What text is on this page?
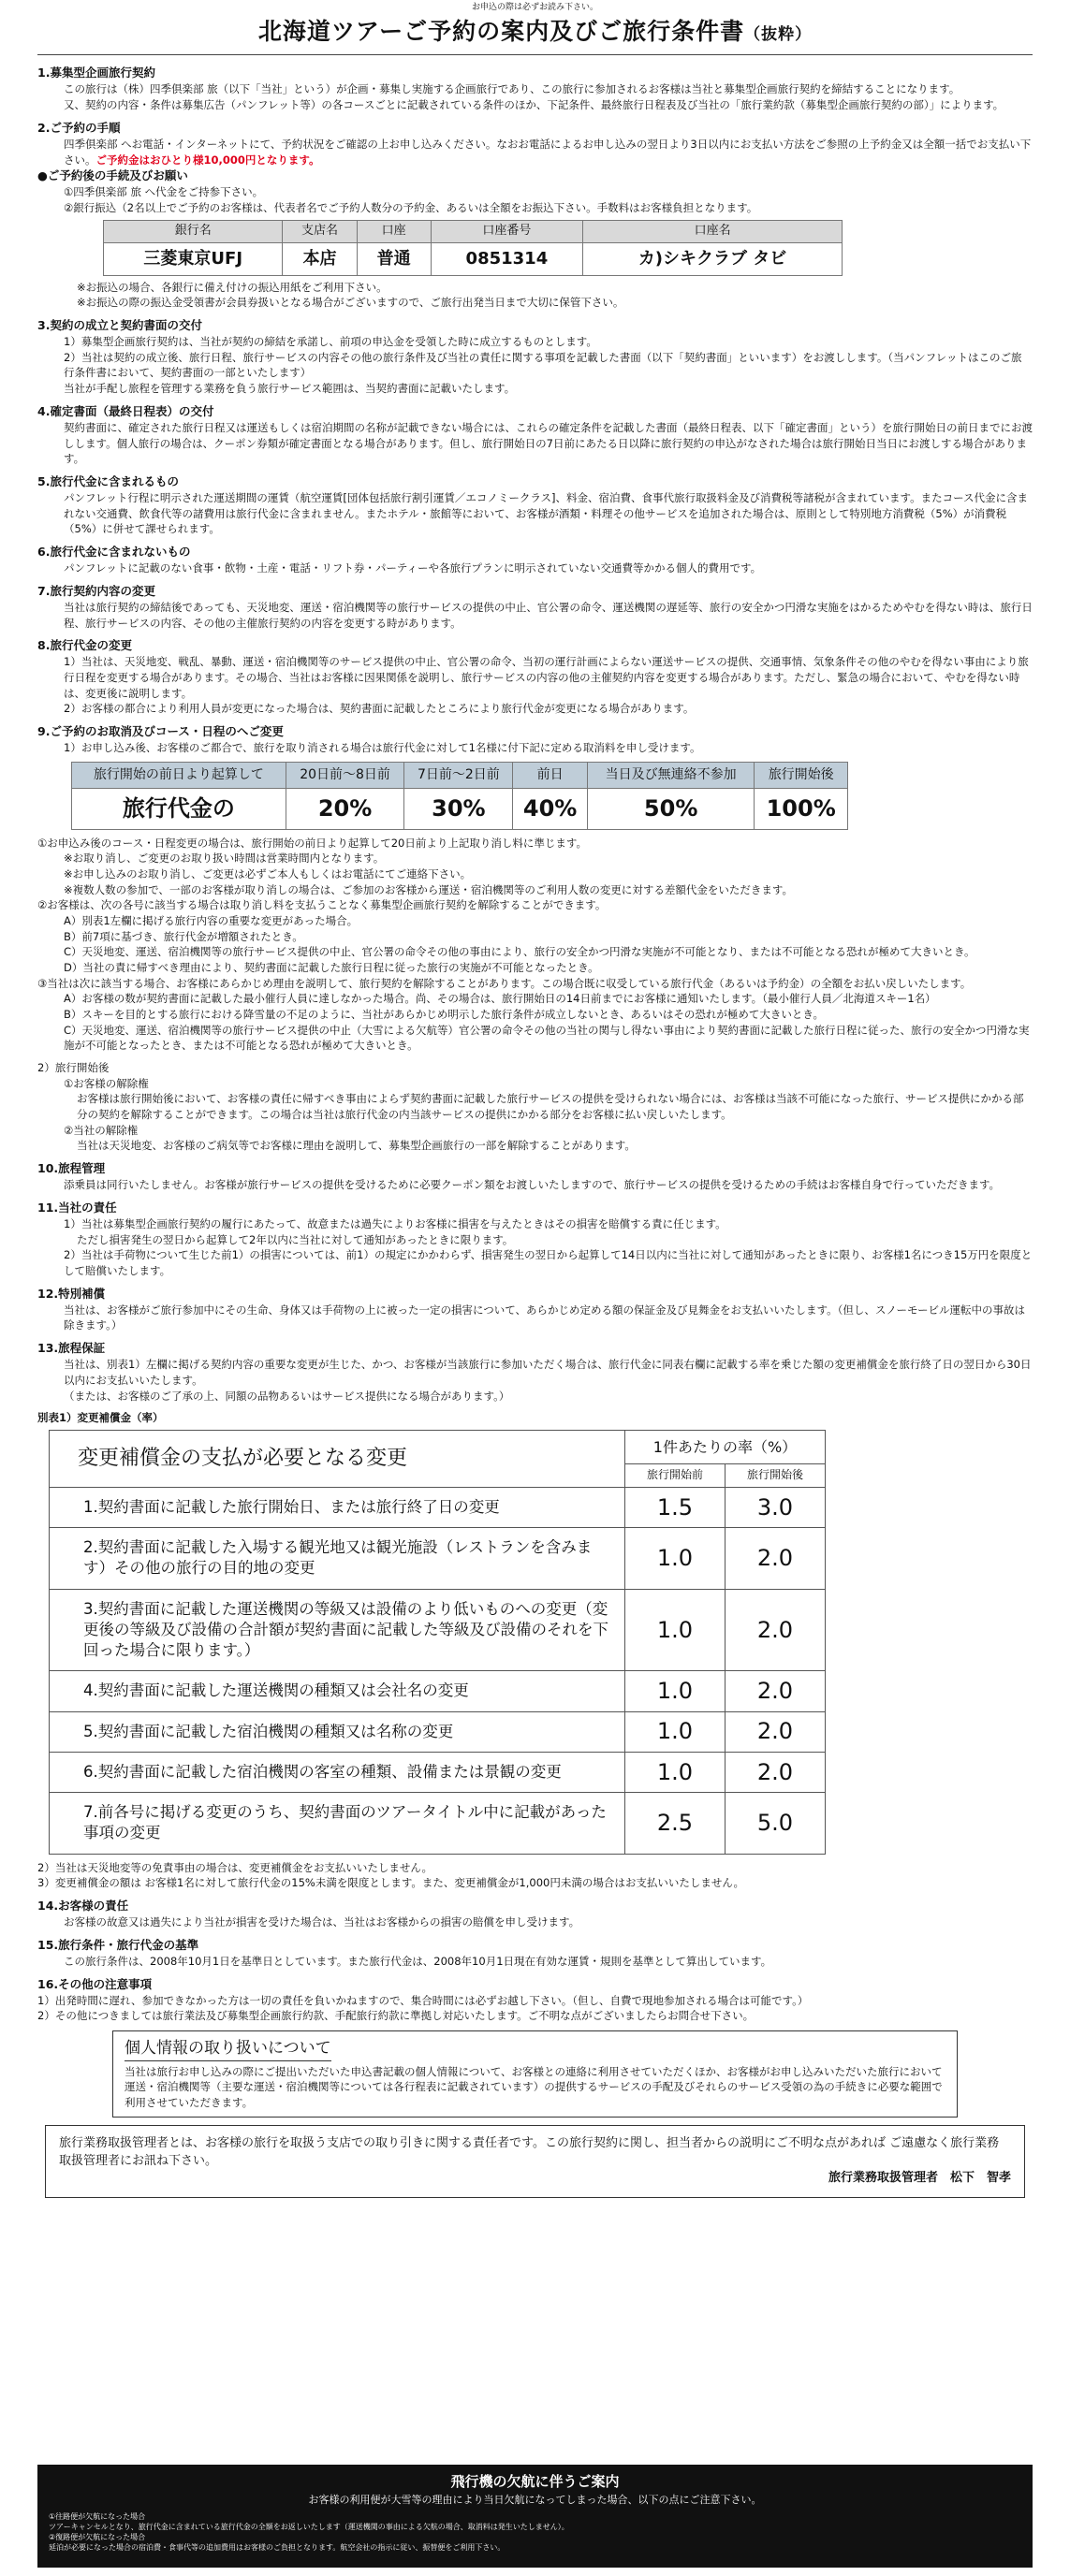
お申込の際は必ずお読み下さい。
北海道ツアーご予約の案内及びご旅行条件書（抜粋）
1.募集型企画旅行契約

この旅行は（株）四季倶楽部 旅（以下「当社」という）が企画・募集し実施する企画旅行であり、この旅行に参加されるお客様は当社と募集型企画旅行契約を締結することになります。

又、契約の内容・条件は募集広告（パンフレット等）の各コースごとに記載されている条件のほか、下記条件、最終旅行日程表及び当社の「旅行業約款（募集型企画旅行契約の部）」によります。

2.ご予約の手順

四季倶楽部 へお電話・インターネットにて、予約状況をご確認の上お申し込みください。なおお電話によるお申し込みの翌日より3日以内にお支払い方法をご参照の上予約金又は全額一括でお支払い下さい。ご予約金はおひとり様10,000円となります。

●ご予約後の手続及びお願い

①四季倶楽部 旅 へ代金をご持参下さい。

②銀行振込（2名以上でご予約のお客様は、代表者名でご予約人数分の予約金、あるいは全額をお振込下さい。手数料はお客様負担となります。

銀行名	支店名	口座	口座番号	口座名
三菱東京UFJ	本店	普通	0851314	カ)シキクラブ タビ

※お振込の場合、各銀行に備え付けの振込用紙をご利用下さい。

※お振込の際の振込金受領書が会員券扱いとなる場合がございますので、ご旅行出発当日まで大切に保管下さい。

3.契約の成立と契約書面の交付

1）募集型企画旅行契約は、当社が契約の締結を承諾し、前項の申込金を受領した時に成立するものとします。

2）当社は契約の成立後、旅行日程、旅行サービスの内容その他の旅行条件及び当社の責任に関する事項を記載した書面（以下「契約書面」といいます）をお渡しします。（当パンフレットはこのご旅行条件書において、契約書面の一部といたします）

当社が手配し旅程を管理する業務を負う旅行サービス範囲は、当契約書面に記載いたします。

4.確定書面（最終日程表）の交付

契約書面に、確定された旅行日程又は運送もしくは宿泊期間の名称が記載できない場合には、これらの確定条件を記載した書面（最終日程表、以下「確定書面」という）を旅行開始日の前日までにお渡しします。個人旅行の場合は、クーポン券類が確定書面となる場合があります。但し、旅行開始日の7日前にあたる日以降に旅行契約の申込がなされた場合は旅行開始日当日にお渡しする場合があります。

5.旅行代金に含まれるもの

パンフレット行程に明示された運送期間の運賃（航空運賃[団体包括旅行割引運賃／エコノミークラス]、料金、宿泊費、食事代旅行取扱料金及び消費税等諸税が含まれています。またコース代金に含まれない交通費、飲食代等の諸費用は旅行代金に含まれません。またホテル・旅館等において、お客様が酒類・料理その他サービスを追加された場合は、原則として特別地方消費税（5%）が消費税（5%）に併せて課せられます。

6.旅行代金に含まれないもの

パンフレットに記載のない食事・飲物・土産・電話・リフト券・パーティーや各旅行プランに明示されていない交通費等かかる個人的費用です。

7.旅行契約内容の変更

当社は旅行契約の締結後であっても、天災地変、運送・宿泊機関等の旅行サービスの提供の中止、官公署の命令、運送機関の遅延等、旅行の安全かつ円滑な実施をはかるためやむを得ない時は、旅行日程、旅行サービスの内容、その他の主催旅行契約の内容を変更する時があります。

8.旅行代金の変更

1）当社は、天災地変、戦乱、暴動、運送・宿泊機関等のサービス提供の中止、官公署の命令、当初の運行計画によらない運送サービスの提供、交通事情、気象条件その他のやむを得ない事由により旅行日程を変更する場合があります。その場合、当社はお客様に因果関係を説明し、旅行サービスの内容の他の主催契約内容を変更する場合があります。ただし、緊急の場合において、やむを得ない時は、変更後に説明します。

2）お客様の都合により利用人員が変更になった場合は、契約書面に記載したところにより旅行代金が変更になる場合があります。

9.ご予約のお取消及びコース・日程のへご変更

1）お申し込み後、お客様のご都合で、旅行を取り消される場合は旅行代金に対して1名様に付下記に定める取消料を申し受けます。

旅行開始の前日より起算して	20日前〜8日前	7日前〜2日前	前日	当日及び無連絡不参加	旅行開始後
旅行代金の	20%	30%	40%	50%	100%

①お申込み後のコース・日程変更の場合は、旅行開始の前日より起算して20日前より上記取り消し料に準じます。

※お取り消し、ご変更のお取り扱い時間は営業時間内となります。

※お申し込みのお取り消し、ご変更は必ずご本人もしくはお電話にてご連絡下さい。

※複数人数の参加で、一部のお客様が取り消しの場合は、ご参加のお客様から運送・宿泊機関等のご利用人数の変更に対する差額代金をいただきます。

②お客様は、次の各号に該当する場合は取り消し料を支払うことなく募集型企画旅行契約を解除することができます。

A）別表1左欄に掲げる旅行内容の重要な変更があった場合。

B）前7項に基づき、旅行代金が増額されたとき。

C）天災地変、運送、宿泊機関等の旅行サービス提供の中止、官公署の命令その他の事由により、旅行の安全かつ円滑な実施が不可能となり、または不可能となる恐れが極めて大きいとき。

D）当社の責に帰すべき理由により、契約書面に記載した旅行日程に従った旅行の実施が不可能となったとき。

③当社は次に該当する場合、お客様にあらかじめ理由を説明して、旅行契約を解除することがあります。この場合既に収受している旅行代金（あるいは予約金）の全額をお払い戻しいたします。

A）お客様の数が契約書面に記載した最小催行人員に達しなかった場合。尚、その場合は、旅行開始日の14日前までにお客様に通知いたします。（最小催行人員／北海道スキー1名）

B）スキーを目的とする旅行における降雪量の不足のように、当社があらかじめ明示した旅行条件が成立しないとき、あるいはその恐れが極めて大きいとき。

C）天災地変、運送、宿泊機関等の旅行サービス提供の中止（大雪による欠航等）官公署の命令その他の当社の関与し得ない事由により契約書面に記載した旅行日程に従った、旅行の安全かつ円滑な実施が不可能となったとき、または不可能となる恐れが極めて大きいとき。

2）旅行開始後

①お客様の解除権

お客様は旅行開始後において、お客様の責任に帰すべき事由によらず契約書面に記載した旅行サービスの提供を受けられない場合には、お客様は当該不可能になった旅行、サービス提供にかかる部分の契約を解除することができます。この場合は当社は旅行代金の内当該サービスの提供にかかる部分をお客様に払い戻しいたします。

②当社の解除権

当社は天災地変、お客様のご病気等でお客様に理由を説明して、募集型企画旅行の一部を解除することがあります。

10.旅程管理

添乗員は同行いたしません。お客様が旅行サービスの提供を受けるために必要クーポン類をお渡しいたしますので、旅行サービスの提供を受けるための手続はお客様自身で行っていただきます。

11.当社の責任

1）当社は募集型企画旅行契約の履行にあたって、故意または過失によりお客様に損害を与えたときはその損害を賠償する責に任じます。

ただし損害発生の翌日から起算して2年以内に当社に対して通知があったときに限ります。

2）当社は手荷物について生じた前1）の損害については、前1）の規定にかかわらず、損害発生の翌日から起算して14日以内に当社に対して通知があったときに限り、お客様1名につき15万円を限度として賠償いたします。

12.特別補償

当社は、お客様がご旅行参加中にその生命、身体又は手荷物の上に被った一定の損害について、あらかじめ定める額の保証金及び見舞金をお支払いいたします。（但し、スノーモービル運転中の事故は除きます。）

13.旅程保証

当社は、別表1）左欄に掲げる契約内容の重要な変更が生じた、かつ、お客様が当該旅行に参加いただく場合は、旅行代金に同表右欄に記載する率を乗じた額の変更補償金を旅行終了日の翌日から30日以内にお支払いいたします。

（または、お客様のご了承の上、同額の品物あるいはサービス提供になる場合があります。）

別表1）変更補償金（率）
変更補償金の支払が必要となる変更	1件あたりの率（%）	
	旅行開始前	旅行開始後
1.契約書面に記載した旅行開始日、または旅行終了日の変更	1.5	3.0
2.契約書面に記載した入場する観光地又は観光施設（レストランを含みます）その他の旅行の目的地の変更	1.0	2.0
3.契約書面に記載した運送機関の等級又は設備のより低いものへの変更（変更後の等級及び設備の合計額が契約書面に記載した等級及び設備のそれを下回った場合に限ります。）	1.0	2.0
4.契約書面に記載した運送機関の種類又は会社名の変更	1.0	2.0
5.契約書面に記載した宿泊機関の種類又は名称の変更	1.0	2.0
6.契約書面に記載した宿泊機関の客室の種類、設備または景観の変更	1.0	2.0
7.前各号に掲げる変更のうち、契約書面のツアータイトル中に記載があった事項の変更	2.5	5.0

2）当社は天災地変等の免責事由の場合は、変更補償金をお支払いいたしません。

3）変更補償金の額は お客様1名に対して旅行代金の15%未満を限度とします。また、変更補償金が1,000円未満の場合はお支払いいたしません。

14.お客様の責任

お客様の故意又は過失により当社が損害を受けた場合は、当社はお客様からの損害の賠償を申し受けます。

15.旅行条件・旅行代金の基準

この旅行条件は、2008年10月1日を基準日としています。また旅行代金は、2008年10月1日現在有効な運賃・規則を基準として算出しています。

16.その他の注意事項

1）出発時間に遅れ、参加できなかった方は一切の責任を負いかねますので、集合時間には必ずお越し下さい。（但し、自費で現地参加される場合は可能です。）

2）その他につきましては旅行業法及び募集型企画旅行約款、手配旅行約款に準拠し対応いたします。ご不明な点がございましたらお問合せ下さい。

個人情報の取り扱いについて

当社は旅行お申し込みの際にご提出いただいた申込書記載の個人情報について、お客様との連絡に利用させていただくほか、お客様がお申し込みいただいた旅行において運送・宿泊機関等（主要な運送・宿泊機関等については各行程表に記載されています）の提供するサービスの手配及びそれらのサービス受領の為の手続きに必要な範囲で利用させていただきます。

旅行業務取扱管理者とは、お客様の旅行を取扱う支店での取り引きに関する責任者です。この旅行契約に関し、担当者からの説明にご不明な点があれば ご遠慮なく旅行業務取扱管理者にお訊ね下さい。

旅行業務取扱管理者　松下　智孝
飛行機の欠航に伴うご案内
お客様の利用便が大雪等の理由により当日欠航になってしまった場合、以下の点にご注意下さい。
①往路便が欠航になった場合
ツアーキャンセルとなり、旅行代金に含まれている旅行代金の全額をお返しいたします（運送機関の事由による欠航の場合、取消料は発生いたしません）。
②復路便が欠航になった場合
延泊が必要になった場合の宿泊費・食事代等の追加費用はお客様のご負担となります。航空会社の指示に従い、振替便をご利用下さい。
